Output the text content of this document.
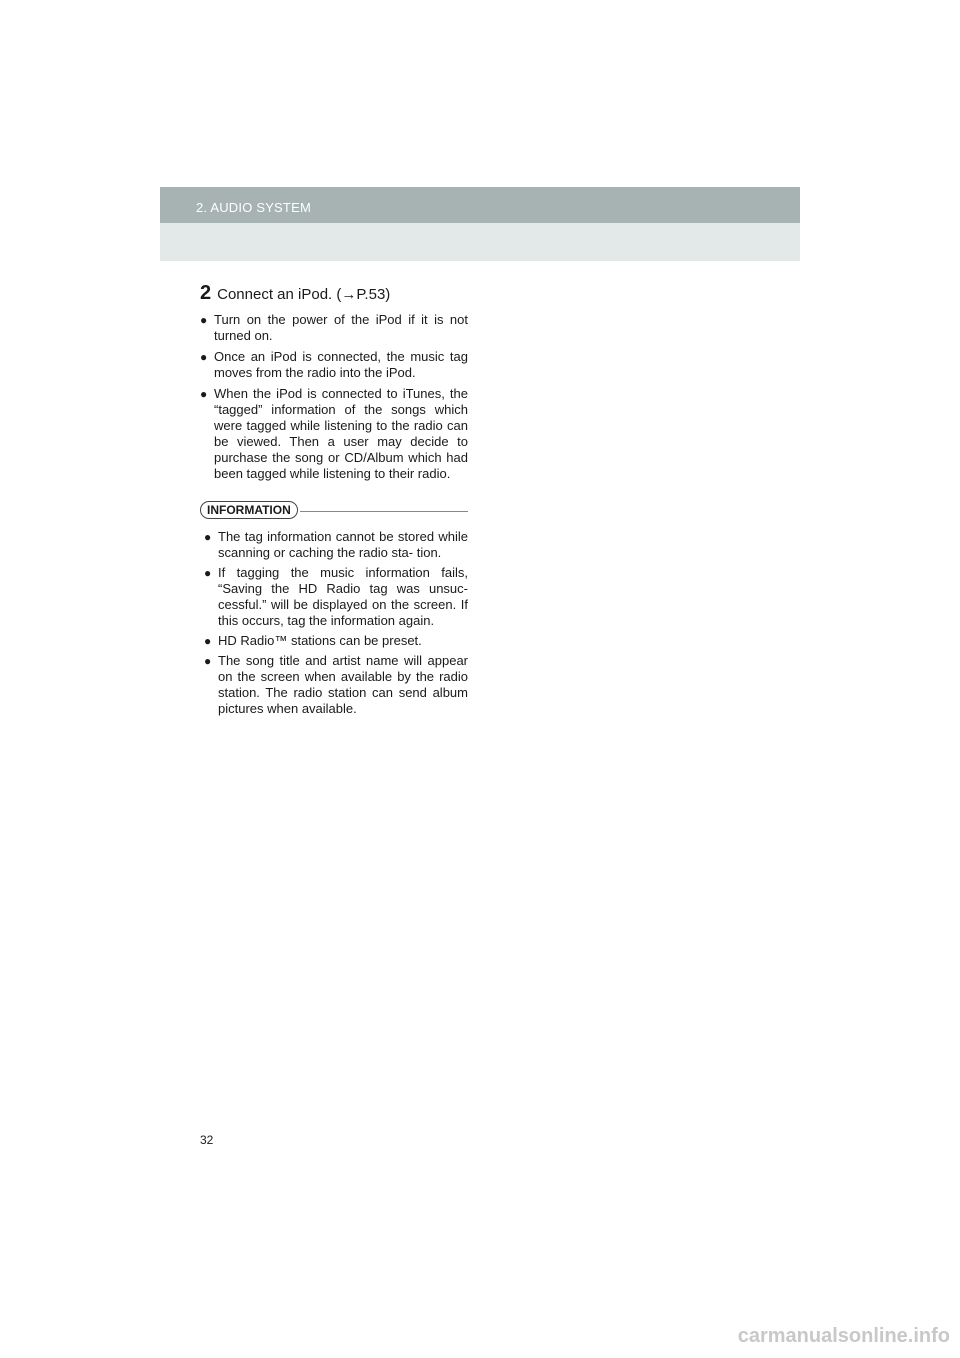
2. AUDIO SYSTEM
2 Connect an iPod. (→P.53)
● Turn on the power of the iPod if it is not turned on.
● Once an iPod is connected, the music tag moves from the radio into the iPod.
● When the iPod is connected to iTunes, the “tagged” information of the songs which were tagged while listening to the radio can be viewed. Then a user may decide to purchase the song or CD/Album which had been tagged while listening to their radio.
INFORMATION
● The tag information cannot be stored while scanning or caching the radio sta- tion.
● If tagging the music information fails, “Saving the HD Radio tag was unsuc- cessful.” will be displayed on the screen. If this occurs, tag the information again.
● HD Radio™ stations can be preset.
● The song title and artist name will appear on the screen when available by the radio station. The radio station can send album pictures when available.
32
carmanualsonline.info
